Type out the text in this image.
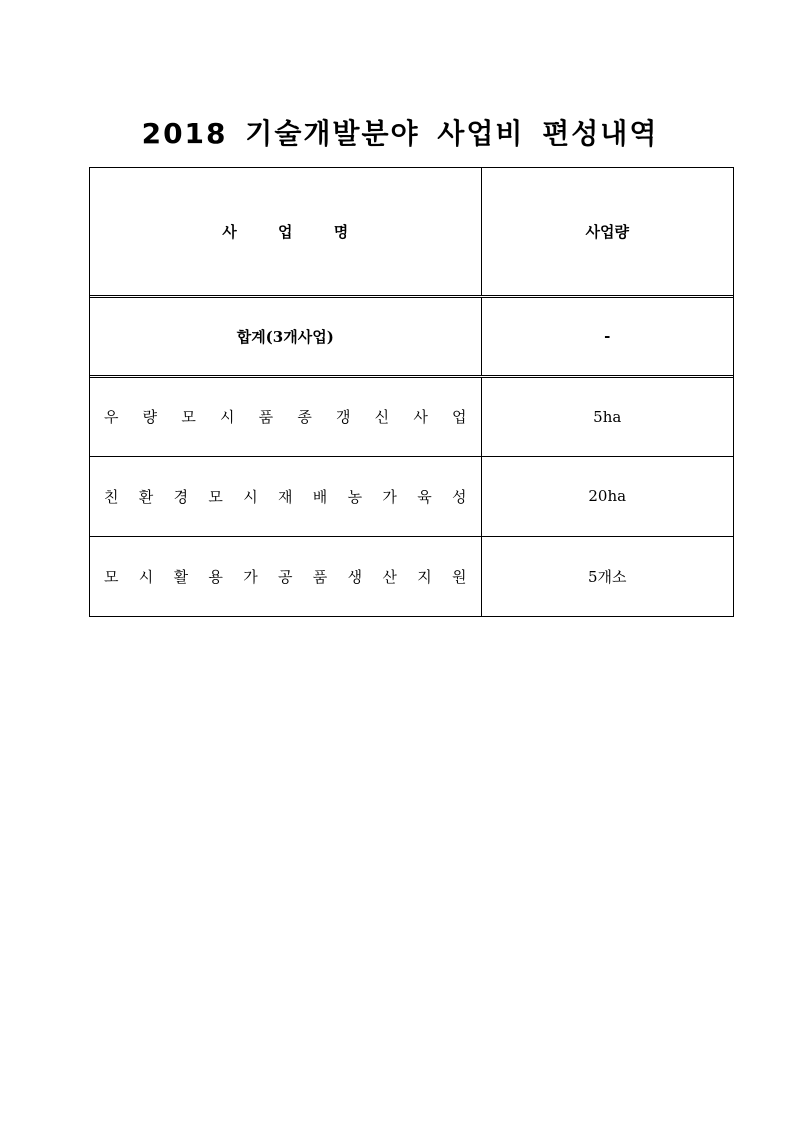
2018 기술개발분야 사업비 편성내역
사 업 명	사업량
합계(3개사업)	-
우 량 모 시 품 종 갱 신 사 업	5ha
친 환 경 모 시 재 배 농 가 육 성	20ha
모 시 활 용 가 공 품 생 산 지 원	5개소
